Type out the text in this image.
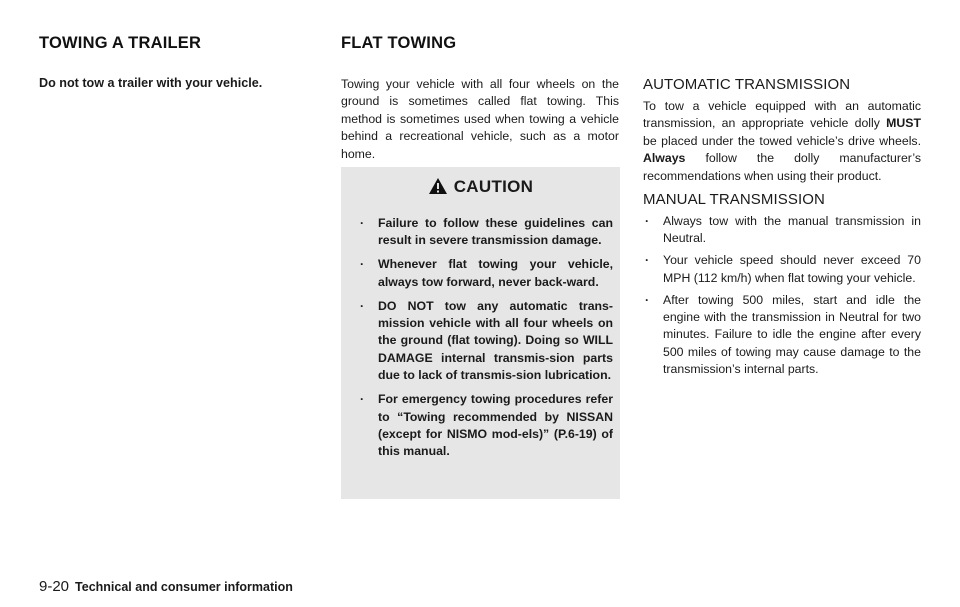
TOWING A TRAILER
Do not tow a trailer with your vehicle.
FLAT TOWING
Towing your vehicle with all four wheels on the ground is sometimes called flat towing. This method is sometimes used when towing a vehicle behind a recreational vehicle, such as a motor home.
CAUTION
. Failure to follow these guidelines can result in severe transmission damage.
. Whenever flat towing your vehicle, always tow forward, never back-ward.
. DO NOT tow any automatic trans-mission vehicle with all four wheels on the ground (flat towing). Doing so WILL DAMAGE internal transmis-sion parts due to lack of transmis-sion lubrication.
. For emergency towing procedures refer to “Towing recommended by NISSAN (except for NISMO mod-els)” (P.6-19) of this manual.
AUTOMATIC TRANSMISSION

To tow a vehicle equipped with an automatic transmission, an appropriate vehicle dolly MUST be placed under the towed vehicle’s drive wheels. Always follow the dolly manufacturer’s recommendations when using their product.

MANUAL TRANSMISSION
. Always tow with the manual transmission in Neutral.
. Your vehicle speed should never exceed 70 MPH (112 km/h) when flat towing your vehicle.
. After towing 500 miles, start and idle the engine with the transmission in Neutral for two minutes. Failure to idle the engine after every 500 miles of towing may cause damage to the transmission’s internal parts.
9-20 Technical and consumer information
